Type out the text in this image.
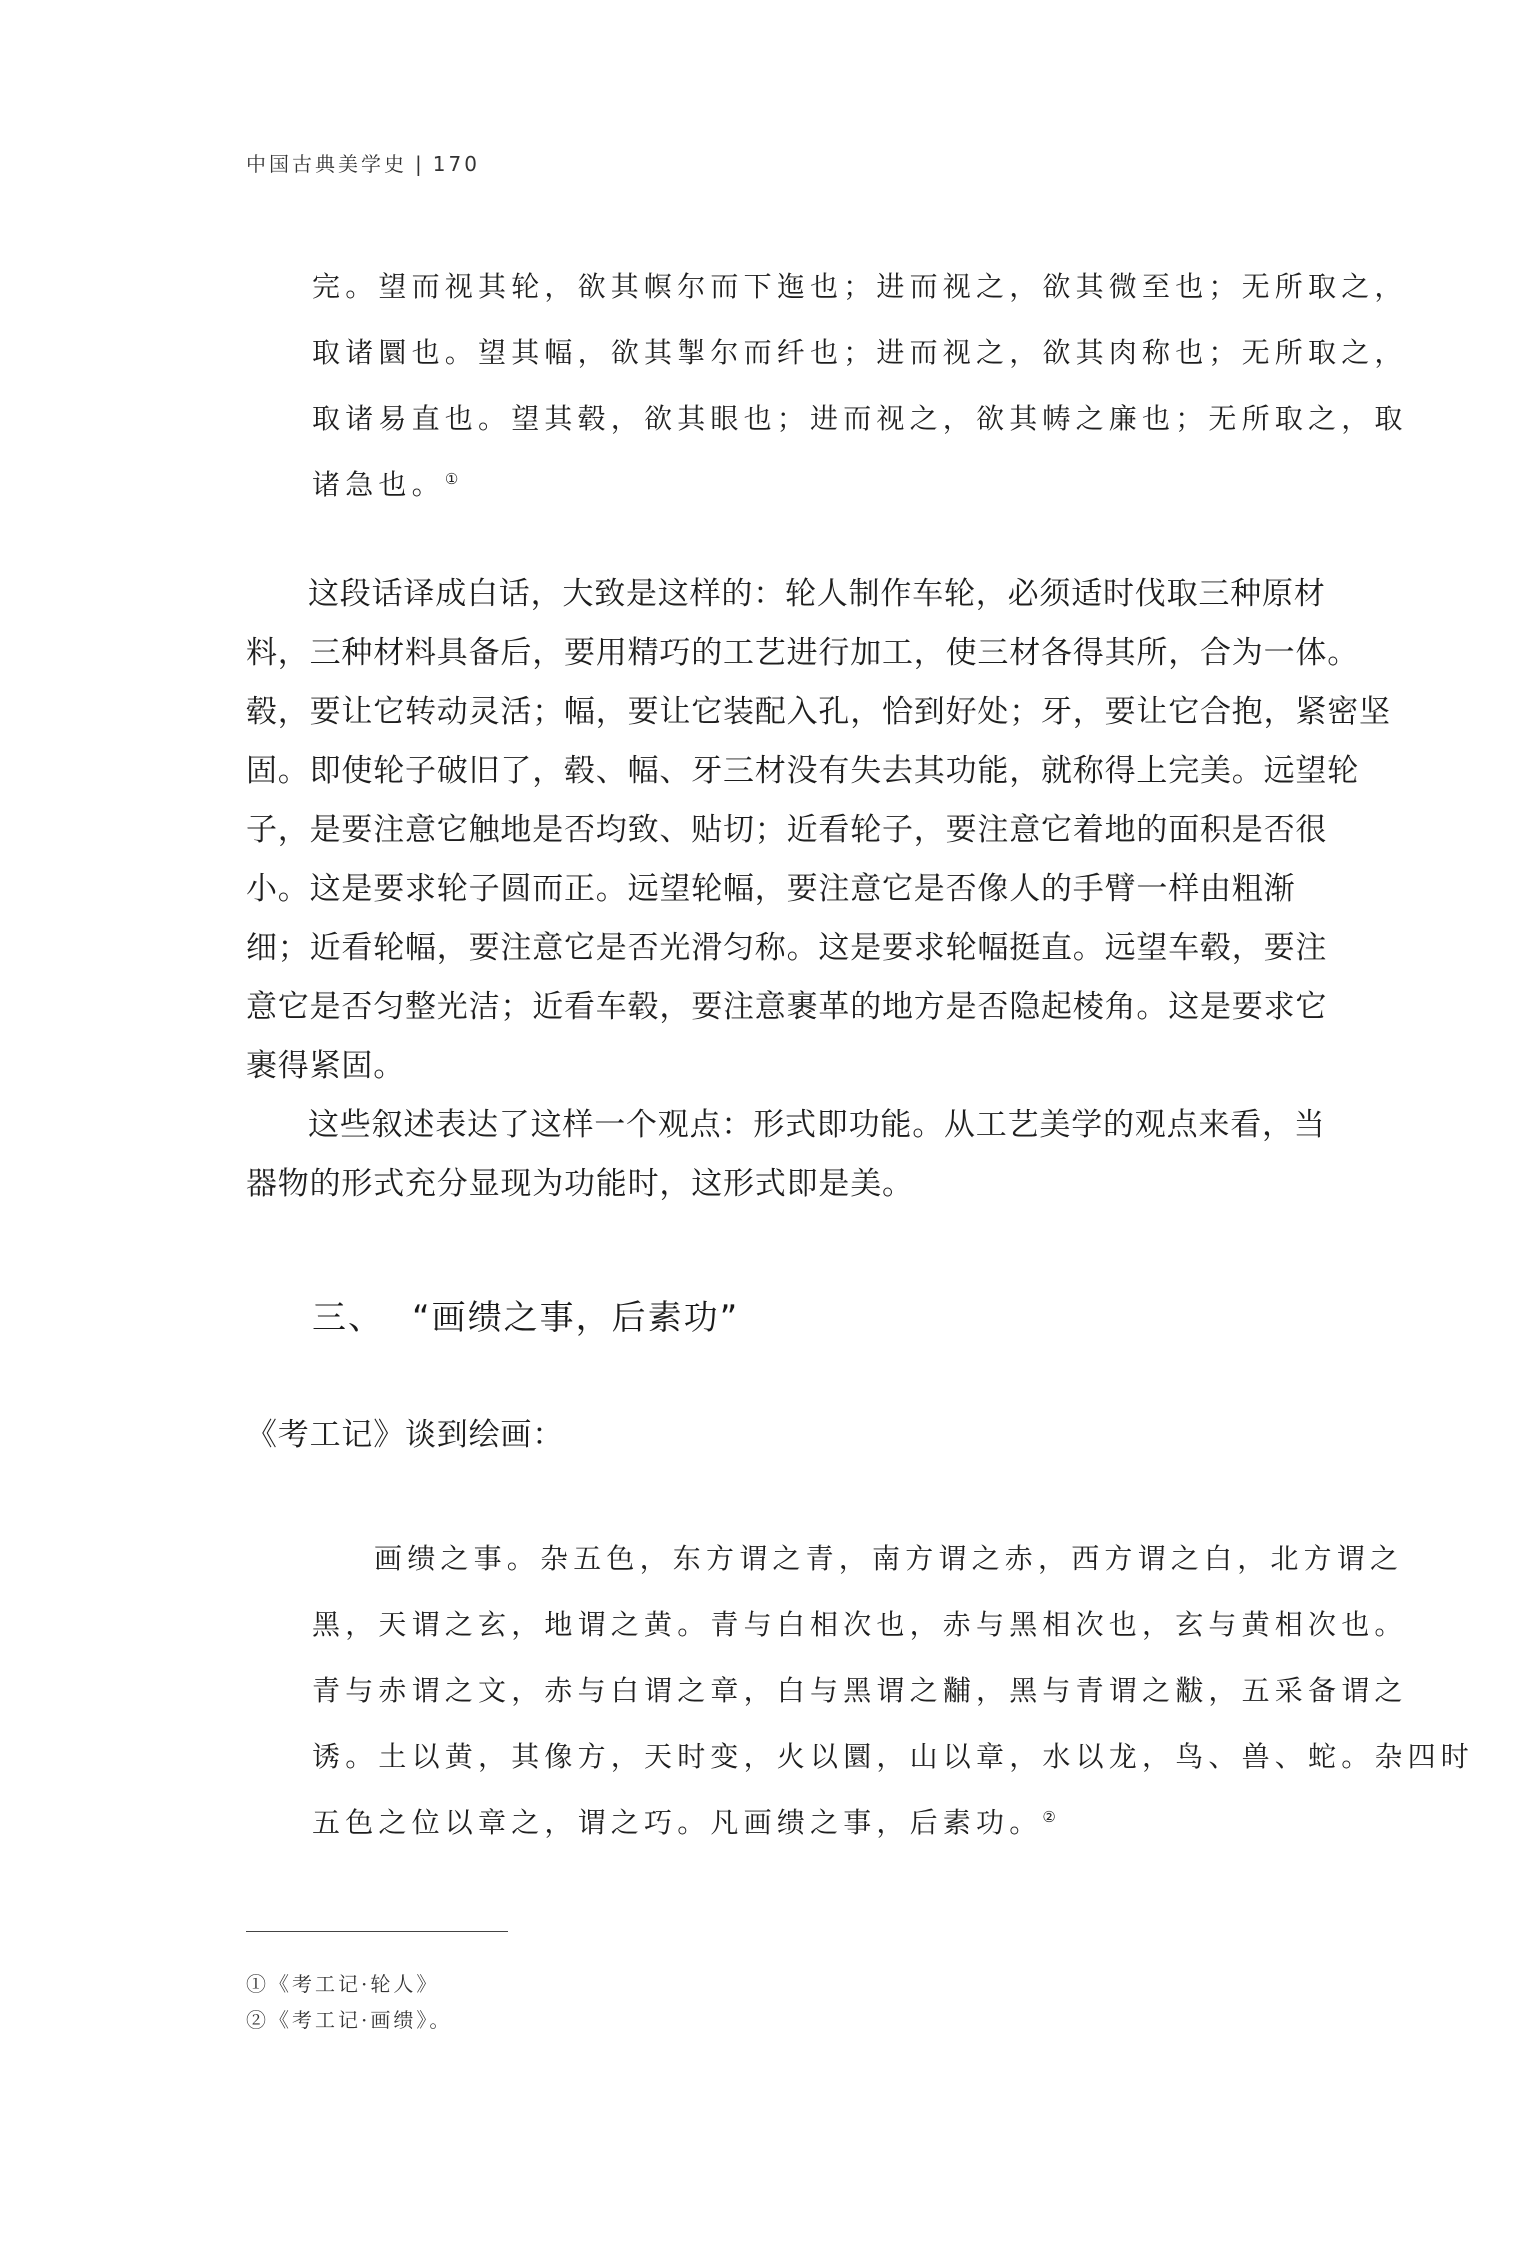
中国古典美学史 | 170
完。望而视其轮，欲其幎尔而下迤也；进而视之，欲其微至也；无所取之，
取诸圜也。望其幅，欲其掣尔而纤也；进而视之，欲其肉称也；无所取之，
取诸易直也。望其毂，欲其眼也；进而视之，欲其帱之廉也；无所取之，取
诸急也。①
这段话译成白话，大致是这样的：轮人制作车轮，必须适时伐取三种原材
料，三种材料具备后，要用精巧的工艺进行加工，使三材各得其所，合为一体。
毂，要让它转动灵活；幅，要让它装配入孔，恰到好处；牙，要让它合抱，紧密坚
固。即使轮子破旧了，毂、幅、牙三材没有失去其功能，就称得上完美。远望轮
子，是要注意它触地是否均致、贴切；近看轮子，要注意它着地的面积是否很
小。这是要求轮子圆而正。远望轮幅，要注意它是否像人的手臂一样由粗渐
细；近看轮幅，要注意它是否光滑匀称。这是要求轮幅挺直。远望车毂，要注
意它是否匀整光洁；近看车毂，要注意裹革的地方是否隐起棱角。这是要求它
裹得紧固。
这些叙述表达了这样一个观点：形式即功能。从工艺美学的观点来看，当
器物的形式充分显现为功能时，这形式即是美。
三、 “画缋之事，后素功”
《考工记》谈到绘画：
画缋之事。杂五色，东方谓之青，南方谓之赤，西方谓之白，北方谓之
黑，天谓之玄，地谓之黄。青与白相次也，赤与黑相次也，玄与黄相次也。
青与赤谓之文，赤与白谓之章，白与黑谓之黼，黑与青谓之黻，五采备谓之
诱。土以黄，其像方，天时变，火以圜，山以章，水以龙，鸟、兽、蛇。杂四时
五色之位以章之，谓之巧。凡画缋之事，后素功。②
①《考工记·轮人》
②《考工记·画缋》。
